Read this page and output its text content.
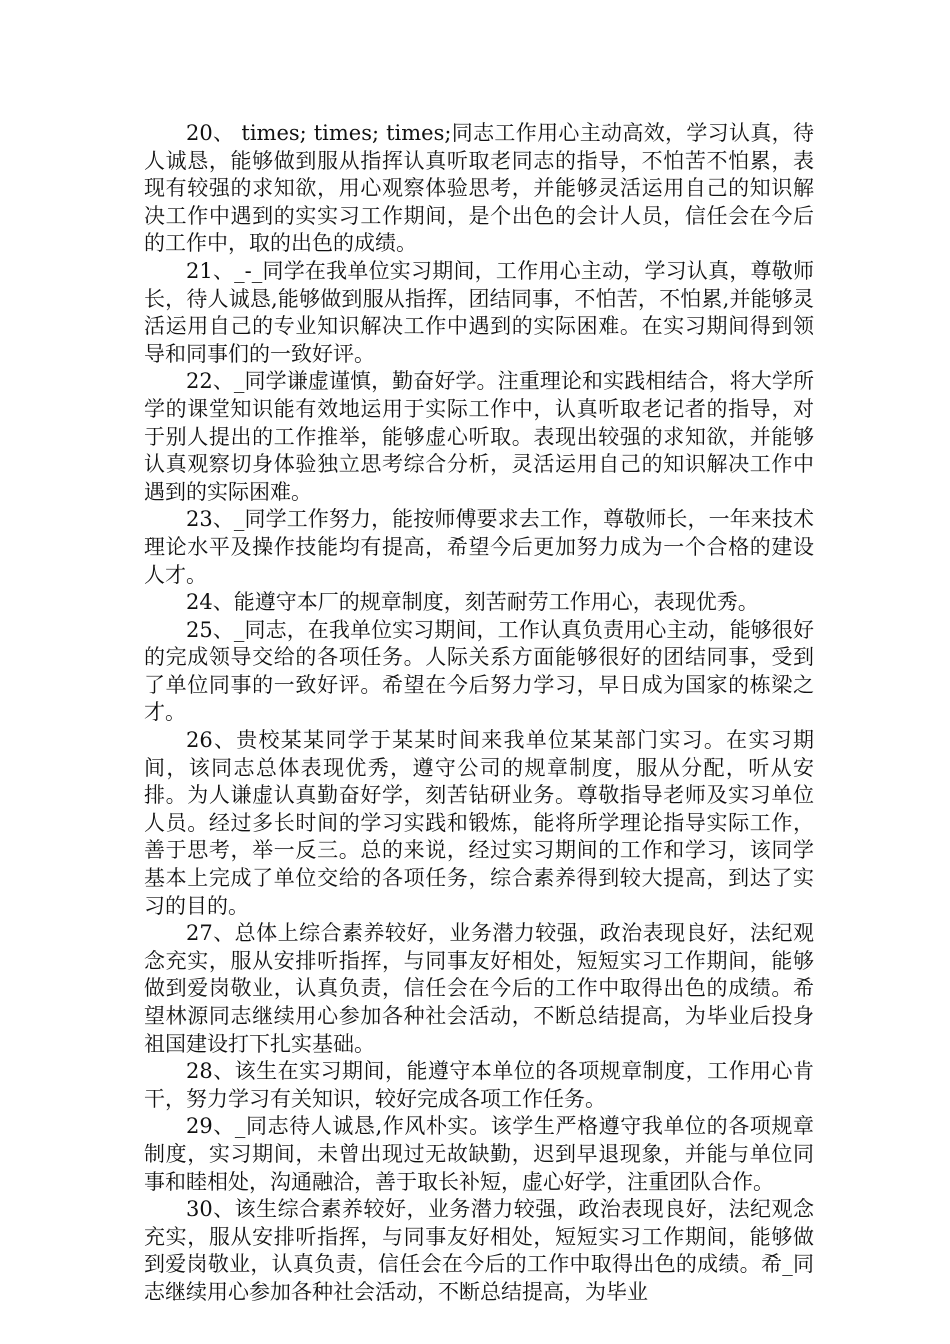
20、 times; times; times;同志工作用心主动高效，学习认真，待人诚恳，能够做到服从指挥认真听取老同志的指导，不怕苦不怕累，表现有较强的求知欲，用心观察体验思考，并能够灵活运用自己的知识解决工作中遇到的实实习工作期间，是个出色的会计人员，信任会在今后的工作中，取的出色的成绩。

21、_-_同学在我单位实习期间，工作用心主动，学习认真，尊敬师长，待人诚恳,能够做到服从指挥，团结同事，不怕苦，不怕累,并能够灵活运用自己的专业知识解决工作中遇到的实际困难。在实习期间得到领导和同事们的一致好评。

22、_同学谦虚谨慎，勤奋好学。注重理论和实践相结合，将大学所学的课堂知识能有效地运用于实际工作中，认真听取老记者的指导，对于别人提出的工作推举，能够虚心听取。表现出较强的求知欲，并能够认真观察切身体验独立思考综合分析，灵活运用自己的知识解决工作中遇到的实际困难。

23、_同学工作努力，能按师傅要求去工作，尊敬师长，一年来技术理论水平及操作技能均有提高，希望今后更加努力成为一个合格的建设人才。

24、能遵守本厂的规章制度，刻苦耐劳工作用心，表现优秀。

25、_同志，在我单位实习期间，工作认真负责用心主动，能够很好的完成领导交给的各项任务。人际关系方面能够很好的团结同事，受到了单位同事的一致好评。希望在今后努力学习，早日成为国家的栋梁之才。

26、贵校某某同学于某某时间来我单位某某部门实习。在实习期间，该同志总体表现优秀，遵守公司的规章制度，服从分配，听从安排。为人谦虚认真勤奋好学，刻苦钻研业务。尊敬指导老师及实习单位人员。经过多长时间的学习实践和锻炼，能将所学理论指导实际工作，善于思考，举一反三。总的来说，经过实习期间的工作和学习，该同学基本上完成了单位交给的各项任务，综合素养得到较大提高，到达了实习的目的。

27、总体上综合素养较好，业务潜力较强，政治表现良好，法纪观念充实，服从安排听指挥，与同事友好相处，短短实习工作期间，能够做到爱岗敬业，认真负责，信任会在今后的工作中取得出色的成绩。希望林源同志继续用心参加各种社会活动，不断总结提高，为毕业后投身祖国建设打下扎实基础。

28、该生在实习期间，能遵守本单位的各项规章制度，工作用心肯干，努力学习有关知识，较好完成各项工作任务。

29、_同志待人诚恳,作风朴实。该学生严格遵守我单位的各项规章制度，实习期间，未曾出现过无故缺勤，迟到早退现象，并能与单位同事和睦相处，沟通融洽，善于取长补短，虚心好学，注重团队合作。

30、该生综合素养较好，业务潜力较强，政治表现良好，法纪观念充实，服从安排听指挥，与同事友好相处，短短实习工作期间，能够做到爱岗敬业，认真负责，信任会在今后的工作中取得出色的成绩。希_同志继续用心参加各种社会活动，不断总结提高，为毕业
